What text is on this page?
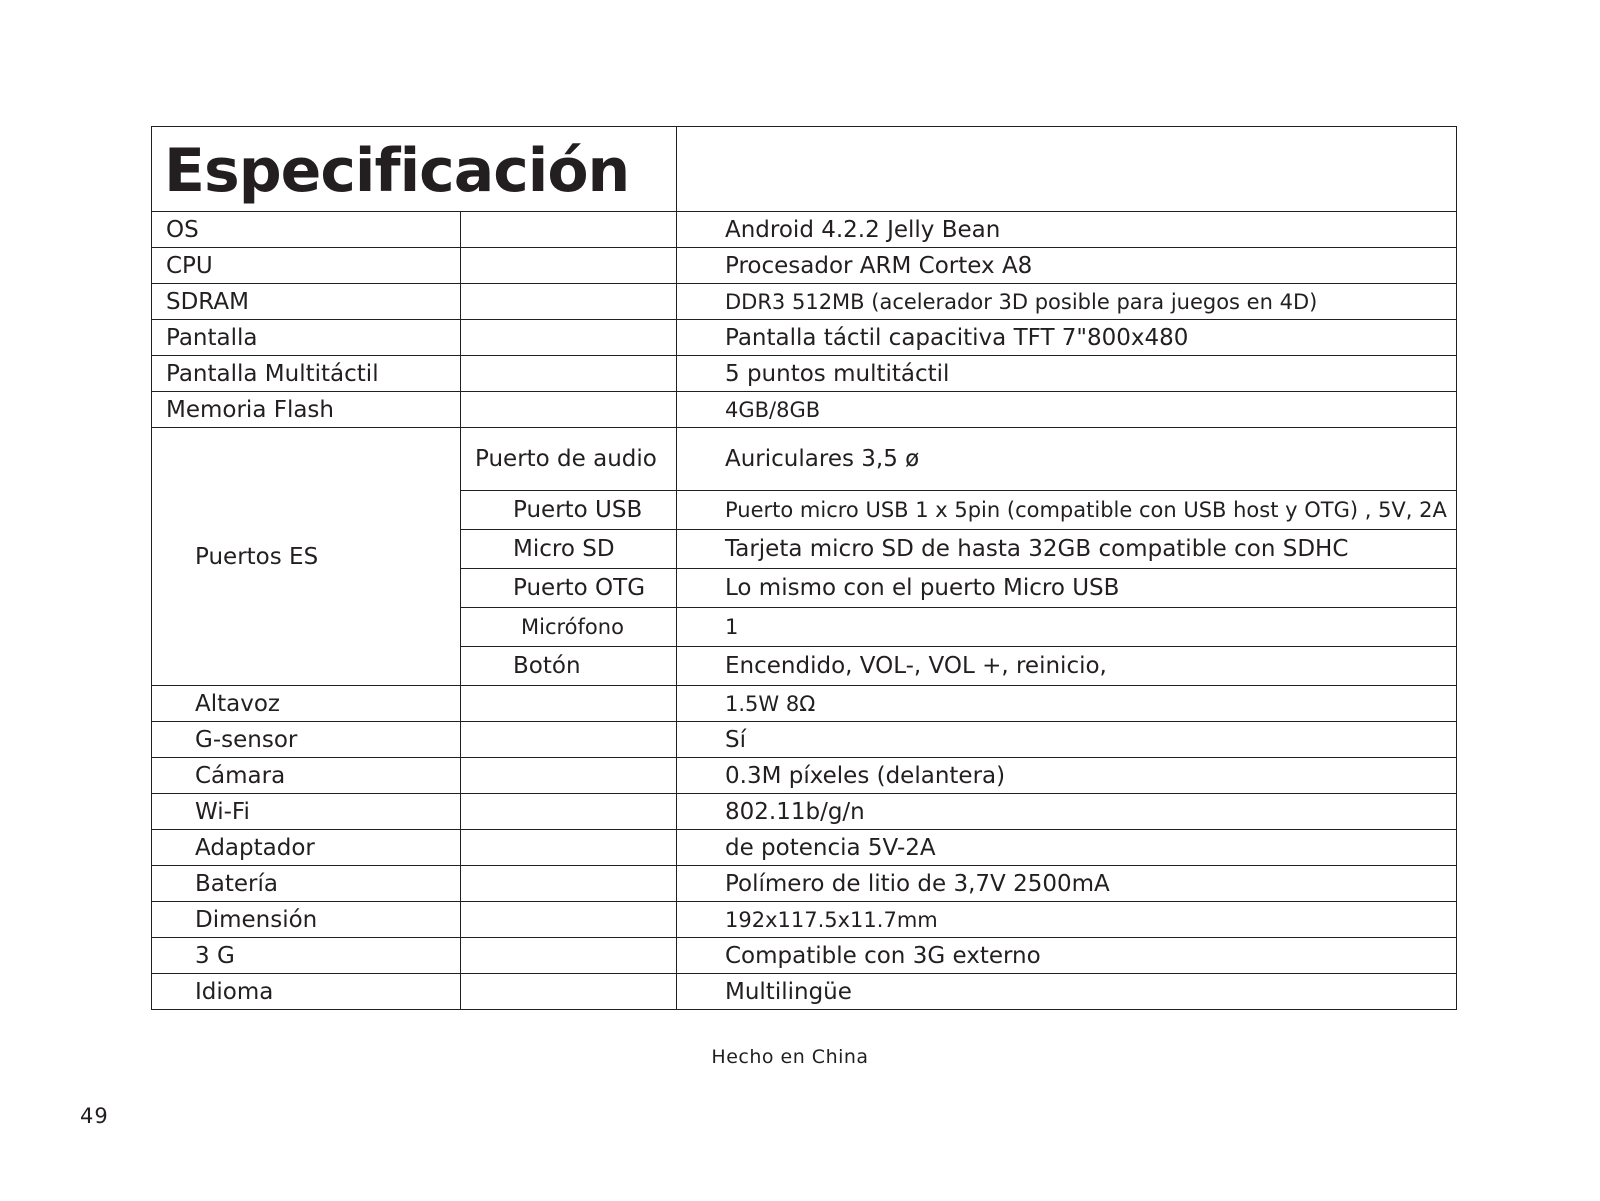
Especificación		
OS		Android 4.2.2 Jelly Bean
CPU		Procesador ARM Cortex A8
SDRAM		DDR3 512MB (acelerador 3D posible para juegos en 4D)
Pantalla		Pantalla táctil capacitiva TFT 7"800x480
Pantalla Multitáctil		5 puntos multitáctil
Memoria Flash		4GB/8GB
Puertos ES	Puerto de audio	Auriculares 3,5 ø
	Puerto USB	Puerto micro USB 1 x 5pin (compatible con USB host y OTG) , 5V, 2A
	Micro SD	Tarjeta micro SD de hasta 32GB compatible con SDHC
	Puerto OTG	Lo mismo con el puerto Micro USB
	Micrófono	1
	Botón	Encendido, VOL-, VOL +, reinicio,
Altavoz		1.5W 8Ω
G-sensor		Sí
Cámara		0.3M píxeles (delantera)
Wi-Fi		802.11b/g/n
Adaptador		de potencia 5V-2A
Batería		Polímero de litio de 3,7V 2500mA
Dimensión		192x117.5x11.7mm
3 G		Compatible con 3G externo
Idioma		Multilingüe
Hecho en China
49
